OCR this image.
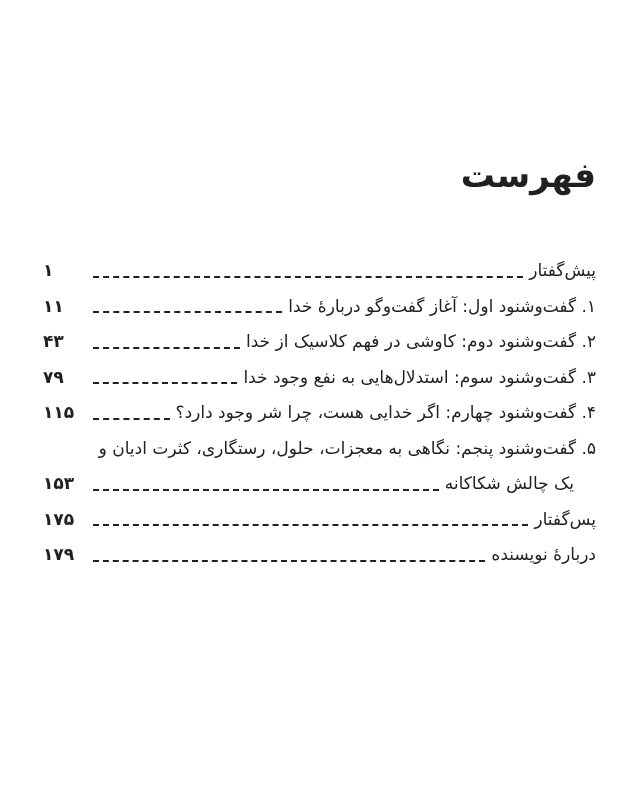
فهرست
پیش‌گفتار
۱
۱. گفت‌وشنود اول: آغاز گفت‌وگو دربارهٔ خدا
۱۱
۲. گفت‌وشنود دوم: کاوشی در فهم کلاسیک از خدا
۴۳
۳. گفت‌وشنود سوم: استدلال‌هایی به نفع وجود خدا
۷۹
۴. گفت‌وشنود چهارم: اگر خدایی هست، چرا شر وجود دارد؟
۱۱۵
۵. گفت‌وشنود پنجم: نگاهی به معجزات، حلول، رستگاری، کثرت ادیان و
یک چالش شکاکانه
۱۵۳
پس‌گفتار
۱۷۵
دربارهٔ نویسنده
۱۷۹
